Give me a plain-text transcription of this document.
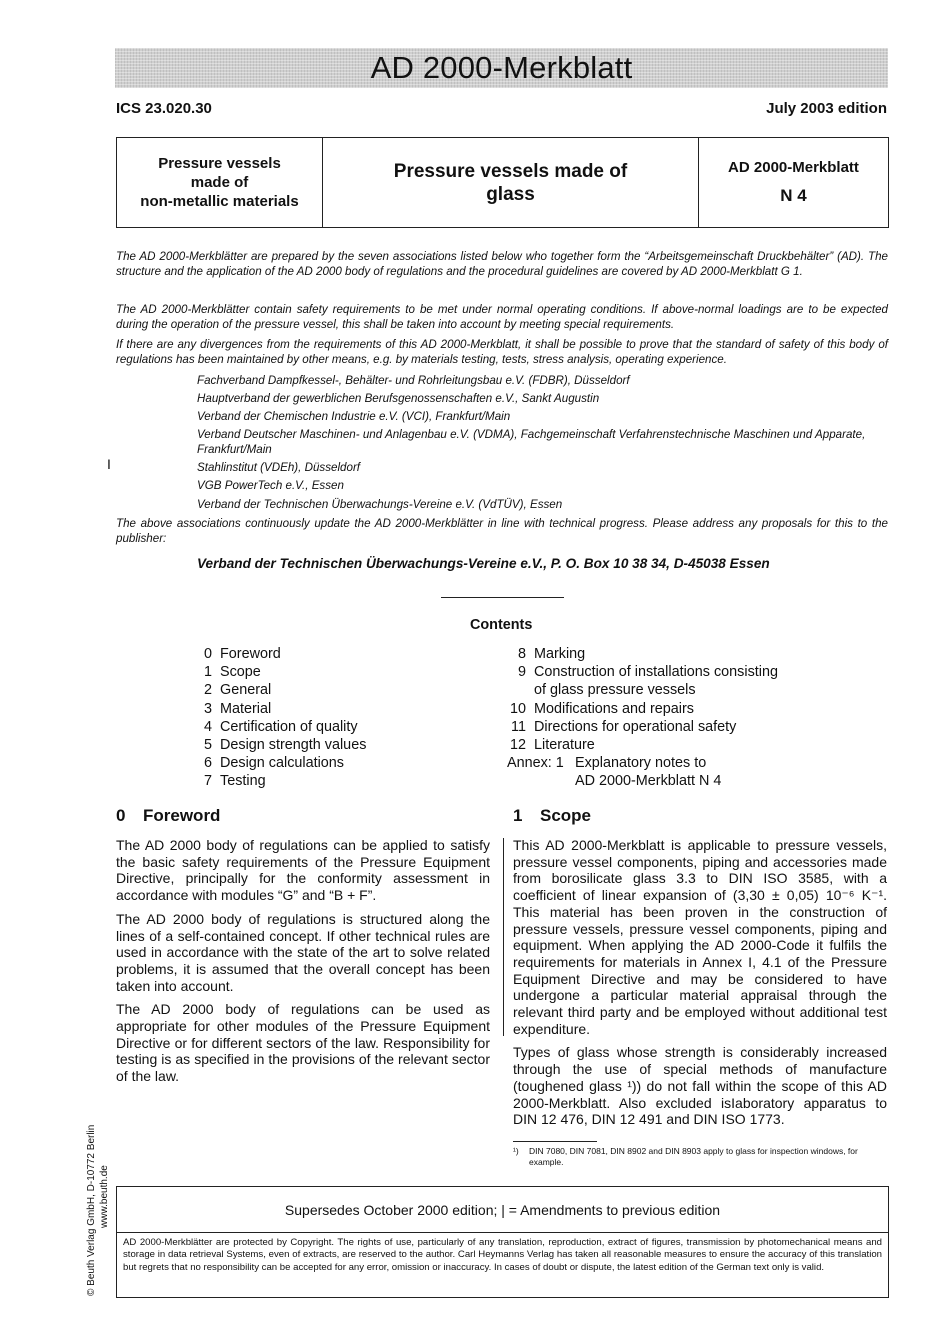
AD 2000-Merkblatt
ICS 23.020.30	July 2003 edition
Pressure vessels
made of
non-metallic materials
Pressure vessels made of
glass
AD 2000-Merkblatt
N 4

The AD 2000-Merkblätter are prepared by the seven associations listed below who together form the “Arbeitsgemeinschaft Druckbehälter” (AD). The structure and the application of the AD 2000 body of regulations and the procedural guidelines are covered by AD 2000-Merkblatt G 1.

The AD 2000-Merkblätter contain safety requirements to be met under normal operating conditions. If above-normal loadings are to be expected during the operation of the pressure vessel, this shall be taken into account by meeting special requirements.

If there are any divergences from the requirements of this AD 2000-Merkblatt, it shall be possible to prove that the standard of safety of this body of regulations has been maintained by other means, e.g. by materials testing, tests, stress analysis, operating experience.

Fachverband Dampfkessel-, Behälter- und Rohrleitungsbau e.V. (FDBR), Düsseldorf

Hauptverband der gewerblichen Berufsgenossenschaften e.V., Sankt Augustin

Verband der Chemischen Industrie e.V. (VCI), Frankfurt/Main

Verband Deutscher Maschinen- und Anlagenbau e.V. (VDMA), Fachgemeinschaft Verfahrenstechnische Maschinen und Apparate, Frankfurt/Main

I	Stahlinstitut (VDEh), Düsseldorf

VGB PowerTech e.V., Essen

Verband der Technischen Überwachungs-Vereine e.V. (VdTÜV), Essen

The above associations continuously update the AD 2000-Merkblätter in line with technical progress. Please address any proposals for this to the publisher:

Verband der Technischen Überwachungs-Vereine e.V., P. O. Box 10 38 34, D-45038 Essen
Contents
0 Foreword
1 Scope
2 General
3 Material
4 Certification of quality
5 Design strength values
6 Design calculations
7 Testing
8 Marking
9 Construction of installations consisting
of glass pressure vessels
10 Modifications and repairs
11 Directions for operational safety
12 Literature
Annex: 1 Explanatory notes to
AD 2000-Merkblatt N 4
0 Foreword

The AD 2000 body of regulations can be applied to satisfy the basic safety requirements of the Pressure Equipment Directive, principally for the conformity assessment in accordance with modules “G” and “B + F”.

The AD 2000 body of regulations is structured along the lines of a self-contained concept. If other technical rules are used in accordance with the state of the art to solve related problems, it is assumed that the overall concept has been taken into account.

The AD 2000 body of regulations can be used as appropriate for other modules of the Pressure Equipment Directive or for different sectors of the law. Responsibility for testing is as specified in the provisions of the relevant sector of the law.

1 Scope

This AD 2000-Merkblatt is applicable to pressure vessels, pressure vessel components, piping and accessories made from borosilicate glass 3.3 to DIN ISO 3585, with a coefficient of linear expansion of (3,30 ± 0,05) 10⁻⁶ K⁻¹. This material has been proven in the construction of pressure vessels, pressure vessel components, piping and equipment. When applying the AD 2000-Code it fulfils the requirements for materials in Annex I, 4.1 of the Pressure Equipment Directive and may be considered to have undergone a particular material appraisal through the relevant third party and be employed without additional test expenditure.

Types of glass whose strength is considerably increased through the use of special methods of manufacture (toughened glass ¹)) do not fall within the scope of this AD 2000-Merkblatt. Also excluded isIaboratory apparatus to DIN 12 476, DIN 12 491 and DIN ISO 1773.

¹)	DIN 7080, DIN 7081, DIN 8902 and DIN 8903 apply to glass for inspection windows, for example.
Supersedes October 2000 edition; | = Amendments to previous edition
AD 2000-Merkblätter are protected by Copyright. The rights of use, particularly of any translation, reproduction, extract of figures, transmission by photomechanical means and storage in data retrieval Systems, even of extracts, are reserved to the author. Carl Heymanns Verlag has taken all reasonable measures to ensure the accuracy of this translation but regrets that no responsibility can be accepted for any error, omission or inaccuracy. In cases of doubt or dispute, the latest edition of the German text only is valid.
© Beuth Verlag GmbH, D-10772 Berlin www.beuth.de
